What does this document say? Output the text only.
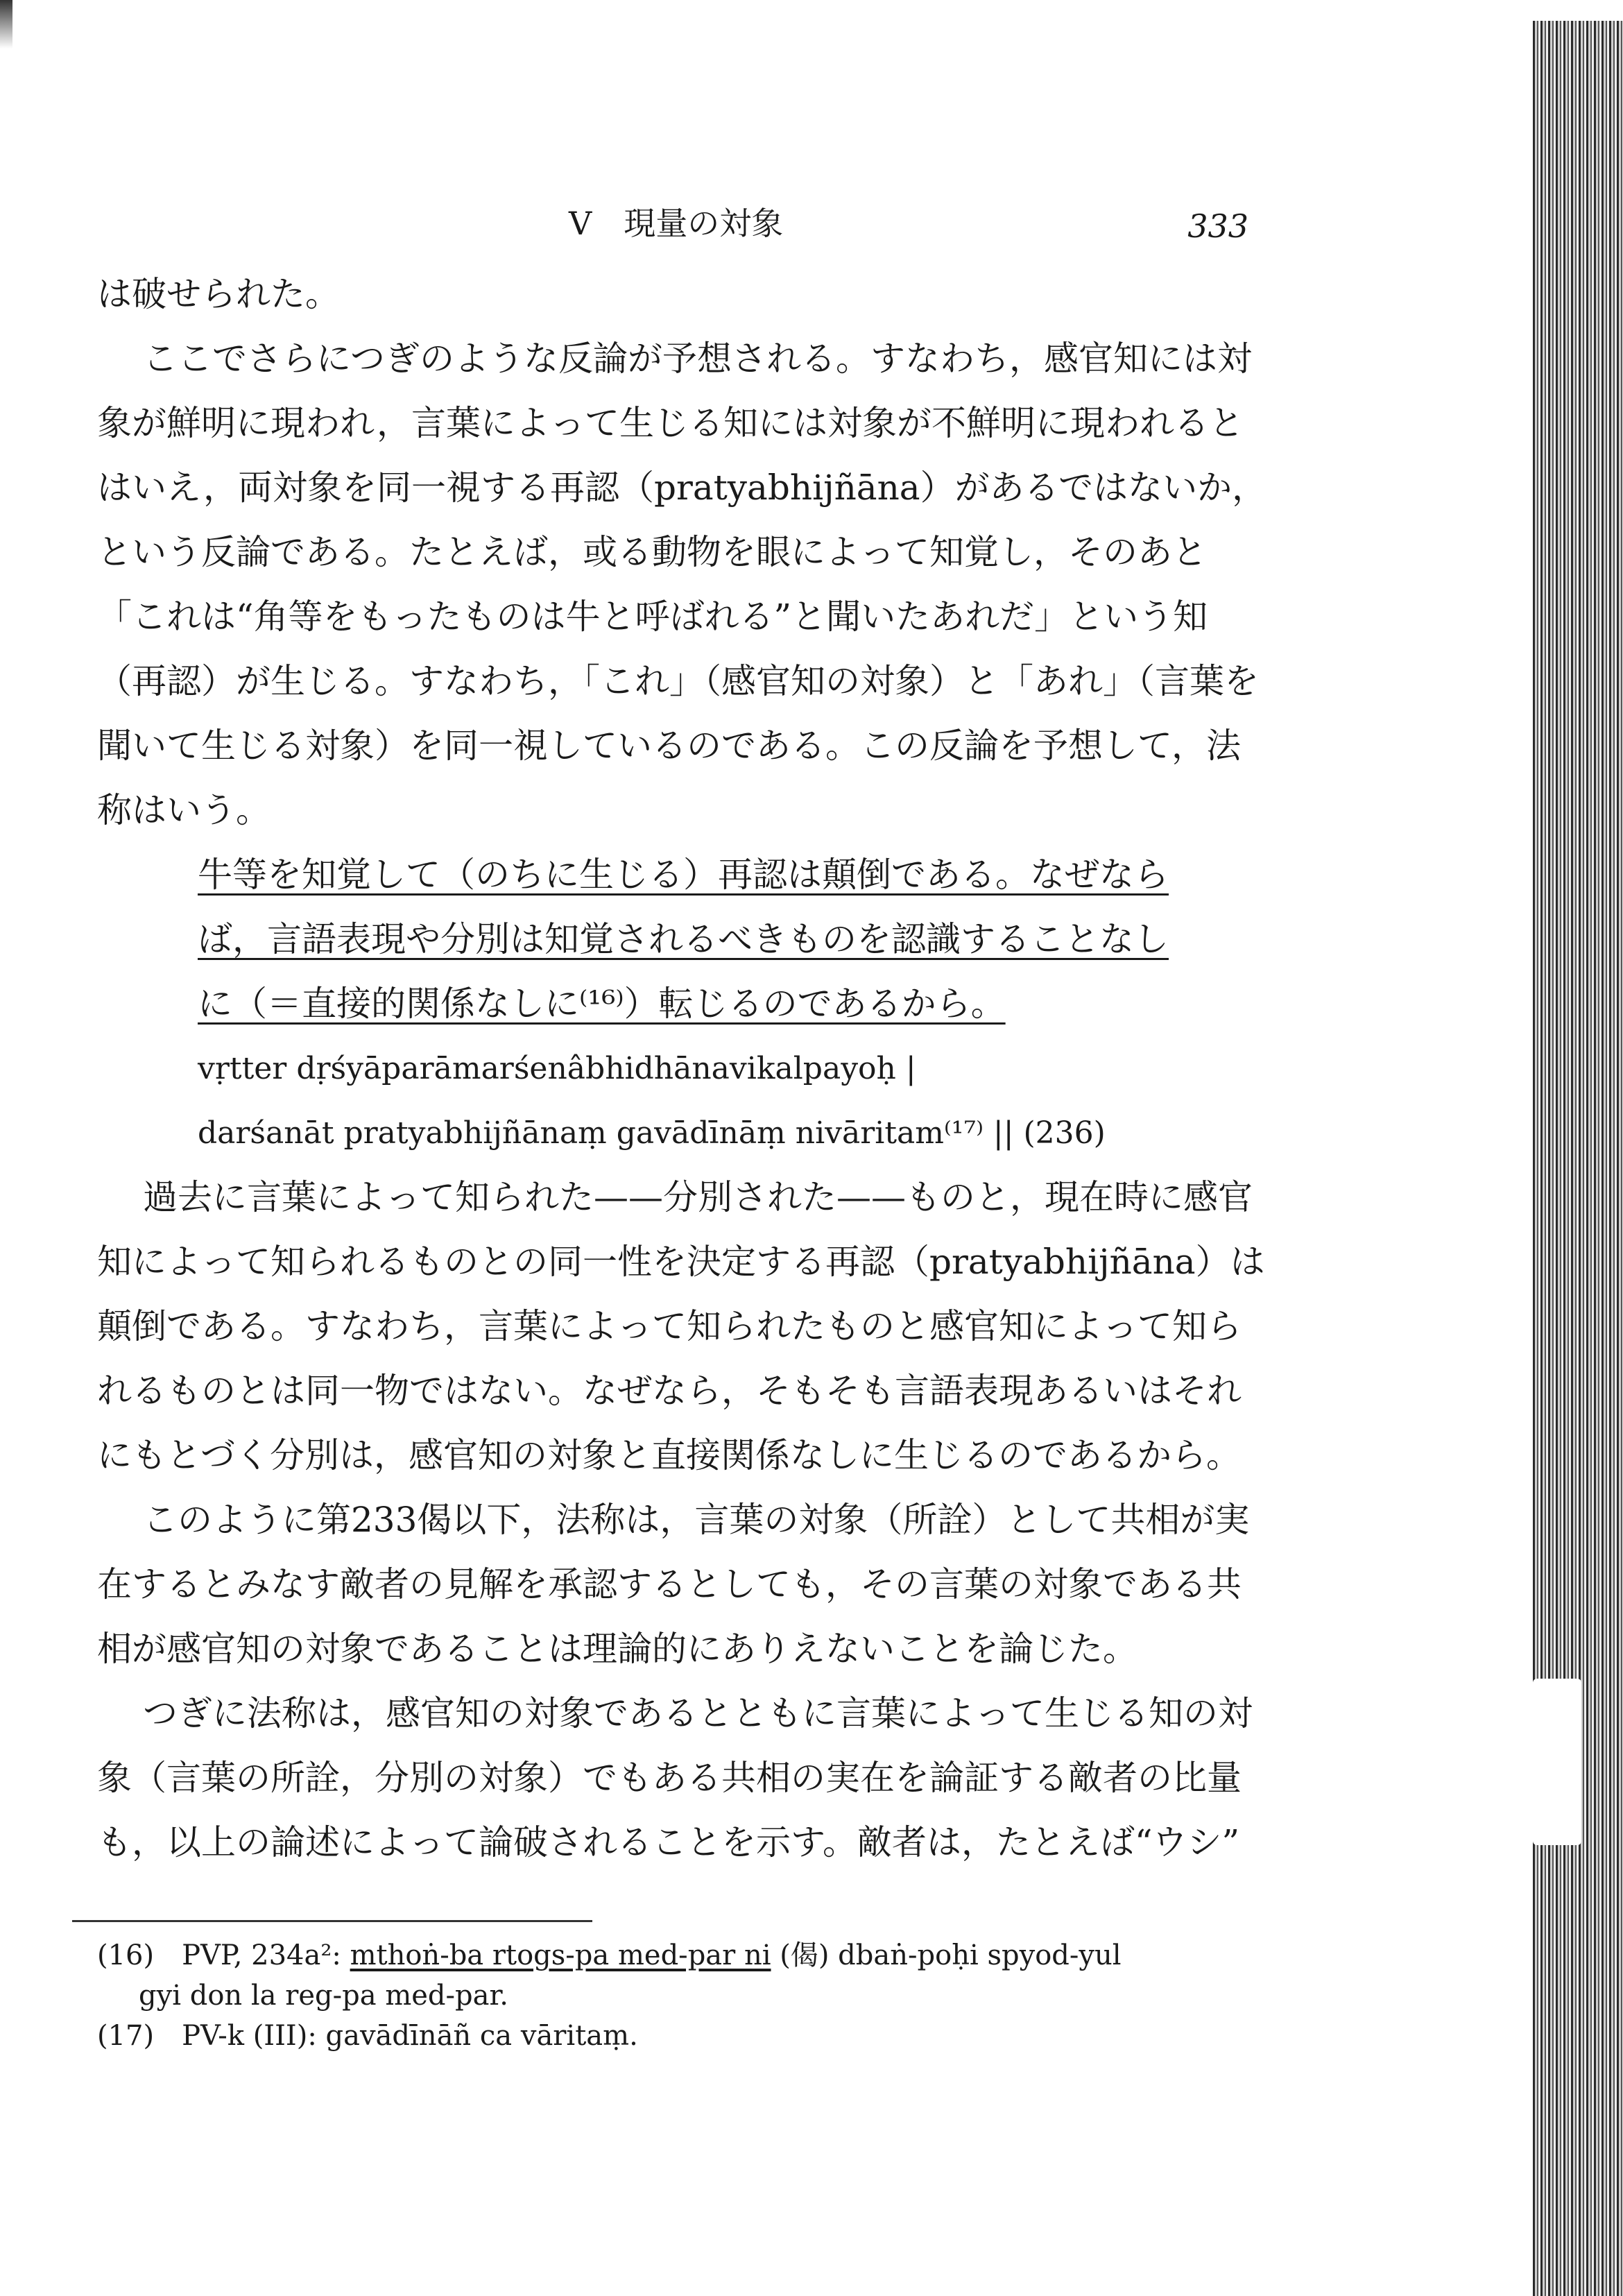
V　現量の対象	333
は破せられた。
ここでさらにつぎのような反論が予想される。すなわち，感官知には対
象が鮮明に現われ，言葉によって生じる知には対象が不鮮明に現われると
はいえ，両対象を同一視する再認（pratyabhijñāna）があるではないか，
という反論である。たとえば，或る動物を眼によって知覚し，そのあと
「これは“角等をもったものは牛と呼ばれる”と聞いたあれだ」という知
（再認）が生じる。すなわち，「これ」（感官知の対象）と「あれ」（言葉を
聞いて生じる対象）を同一視しているのである。この反論を予想して，法
称はいう。
牛等を知覚して（のちに生じる）再認は顛倒である。なぜなら
ば，言語表現や分別は知覚されるべきものを認識することなし
に（＝直接的関係なしに⁽¹⁶⁾）転じるのであるから。
vṛtter dṛśyāparāmarśenâbhidhānavikalpayoḥ |
darśanāt pratyabhijñānaṃ gavādīnāṃ nivāritam⁽¹⁷⁾ || (236)
過去に言葉によって知られた——分別された——ものと，現在時に感官
知によって知られるものとの同一性を決定する再認（pratyabhijñāna）は
顛倒である。すなわち，言葉によって知られたものと感官知によって知ら
れるものとは同一物ではない。なぜなら，そもそも言語表現あるいはそれ
にもとづく分別は，感官知の対象と直接関係なしに生じるのであるから。
このように第233偈以下，法称は，言葉の対象（所詮）として共相が実
在するとみなす敵者の見解を承認するとしても，その言葉の対象である共
相が感官知の対象であることは理論的にありえないことを論じた。
つぎに法称は，感官知の対象であるとともに言葉によって生じる知の対
象（言葉の所詮，分別の対象）でもある共相の実在を論証する敵者の比量
も，以上の論述によって論破されることを示す。敵者は，たとえば“ウシ”
(16)　PVP, 234a²: mthoṅ-ba rtogs-pa med-par ni (偈) dbaṅ-poḥi spyod-yul
gyi don la reg-pa med-par.
(17)　PV-k (III): gavādīnāñ ca vāritaṃ.
